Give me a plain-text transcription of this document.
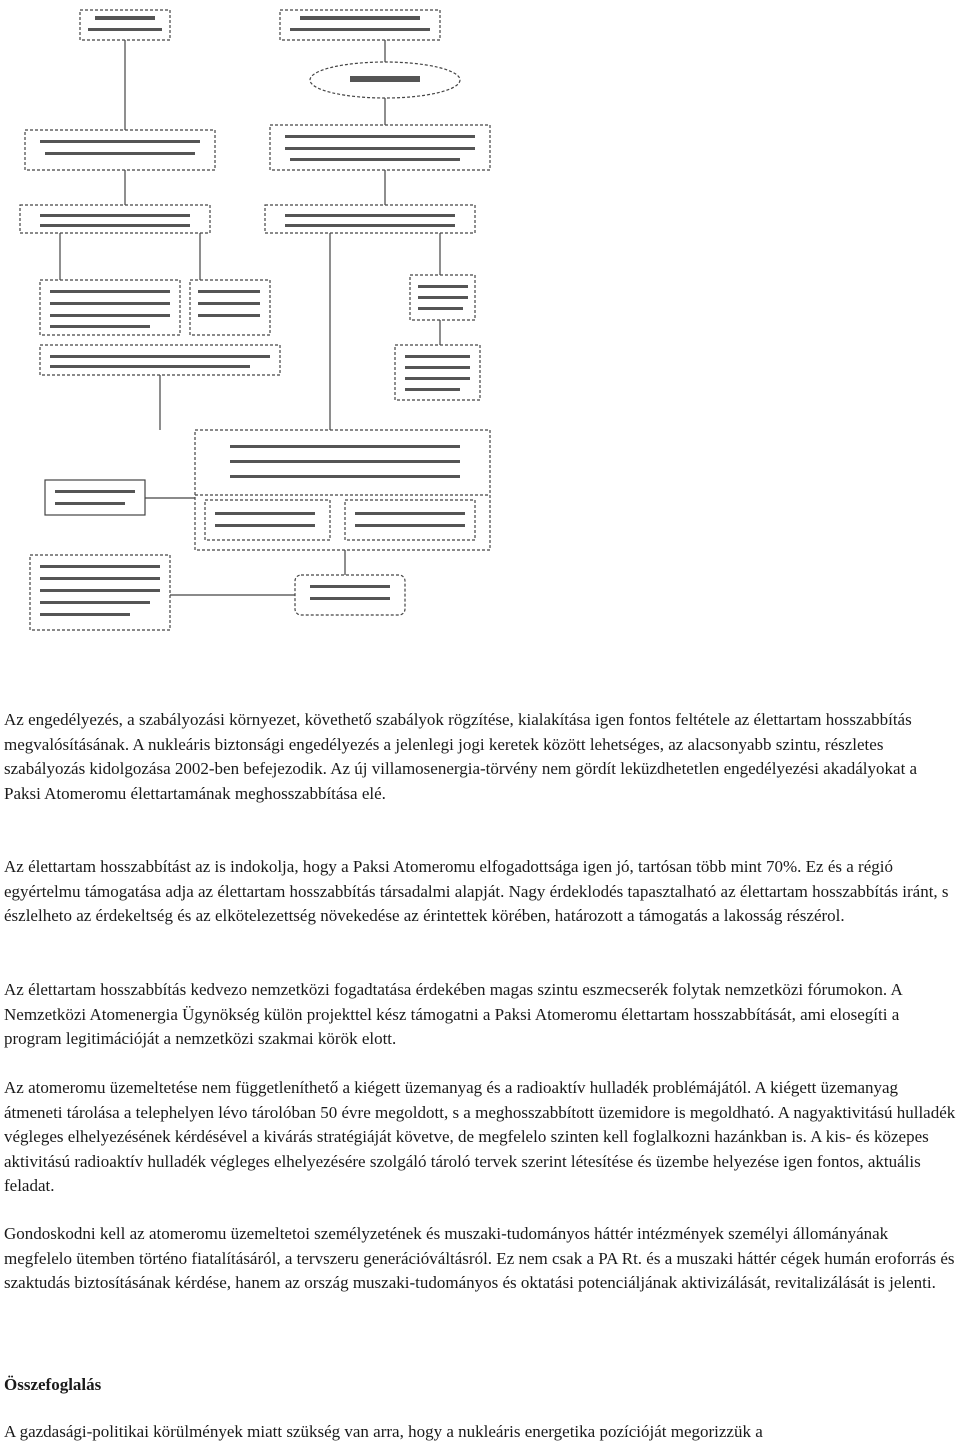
Az engedélyezés, a szabályozási környezet, követhető szabályok rögzítése, kialakítása igen fontos feltétele az élettartam hosszabbítás megvalósításának. A nukleáris biztonsági engedélyezés a jelenlegi jogi keretek között lehetséges, az alacsonyabb szintu, részletes szabályozás kidolgozása 2002-ben befejezodik. Az új villamosenergia-törvény nem gördít leküzdhetetlen engedélyezési akadályokat a Paksi Atomeromu élettartamának meghosszabbítása elé.

Az élettartam hosszabbítást az is indokolja, hogy a Paksi Atomeromu elfogadottsága igen jó, tartósan több mint 70%. Ez és a régió egyértelmu támogatása adja az élettartam hosszabbítás társadalmi alapját. Nagy érdeklodés tapasztalható az élettartam hosszabbítás iránt, s észlelheto az érdekeltség és az elkötelezettség növekedése az érintettek körében, határozott a támogatás a lakosság részérol.

Az élettartam hosszabbítás kedvezo nemzetközi fogadtatása érdekében magas szintu eszmecserék folytak nemzetközi fórumokon. A Nemzetközi Atomenergia Ügynökség külön projekttel kész támogatni a Paksi Atomeromu élettartam hosszabbítását, ami elosegíti a program legitimációját a nemzetközi szakmai körök elott.

Az atomeromu üzemeltetése nem függetleníthető a kiégett üzemanyag és a radioaktív hulladék problémájától. A kiégett üzemanyag átmeneti tárolása a telephelyen lévo tárolóban 50 évre megoldott, s a meghosszabbított üzemidore is megoldható. A nagyaktivitású hulladék végleges elhelyezésének kérdésével a kivárás stratégiáját követve, de megfelelo szinten kell foglalkozni hazánkban is. A kis- és közepes aktivitású radioaktív hulladék végleges elhelyezésére szolgáló tároló tervek szerint létesítése és üzembe helyezése igen fontos, aktuális feladat.

Gondoskodni kell az atomeromu üzemeltetoi személyzetének és muszaki-tudományos háttér intézmények személyi állományának megfelelo ütemben történo fiatalításáról, a tervszeru generációváltásról. Ez nem csak a PA Rt. és a muszaki háttér cégek humán eroforrás és szaktudás biztosításának kérdése, hanem az ország muszaki-tudományos és oktatási potenciáljának aktivizálását, revitalizálását is jelenti.

Összefoglalás
A gazdasági-politikai körülmények miatt szükség van arra, hogy a nukleáris energetika pozícióját megorizzük a
